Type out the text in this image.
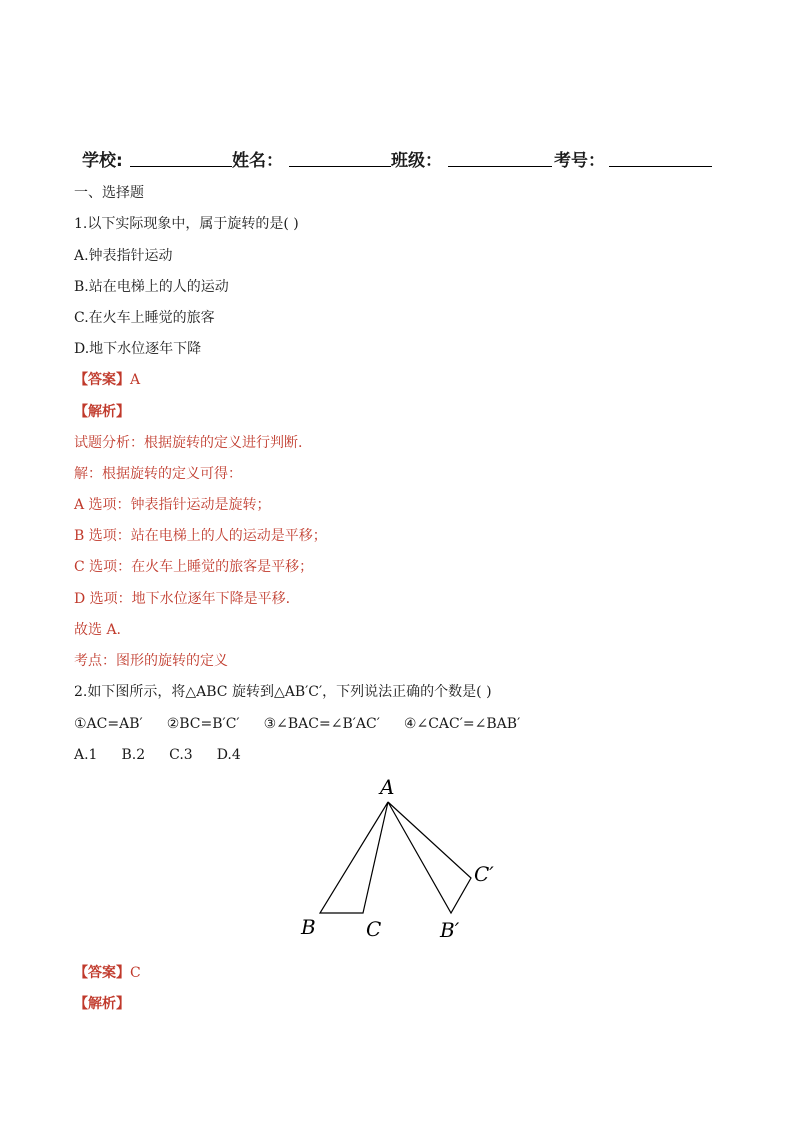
学校:	姓名：	班级：	考号：
一、选择题
1.以下实际现象中，属于旋转的是( )
A.钟表指针运动
B.站在电梯上的人的运动
C.在火车上睡觉的旅客
D.地下水位逐年下降
【答案】A
【解析】
试题分析：根据旋转的定义进行判断.
解：根据旋转的定义可得：
A 选项：钟表指针运动是旋转；
B 选项：站在电梯上的人的运动是平移；
C 选项：在火车上睡觉的旅客是平移；
D 选项：地下水位逐年下降是平移.
故选 A.
考点：图形的旋转的定义
2.如下图所示，将△ABC 旋转到△AB′C′，下列说法正确的个数是( )
①AC=AB′ ②BC=B′C′ ③∠BAC=∠B′AC′ ④∠CAC′=∠BAB′
A.1 B.2 C.3 D.4
A
B	C	B′
C′
【答案】C
【解析】
